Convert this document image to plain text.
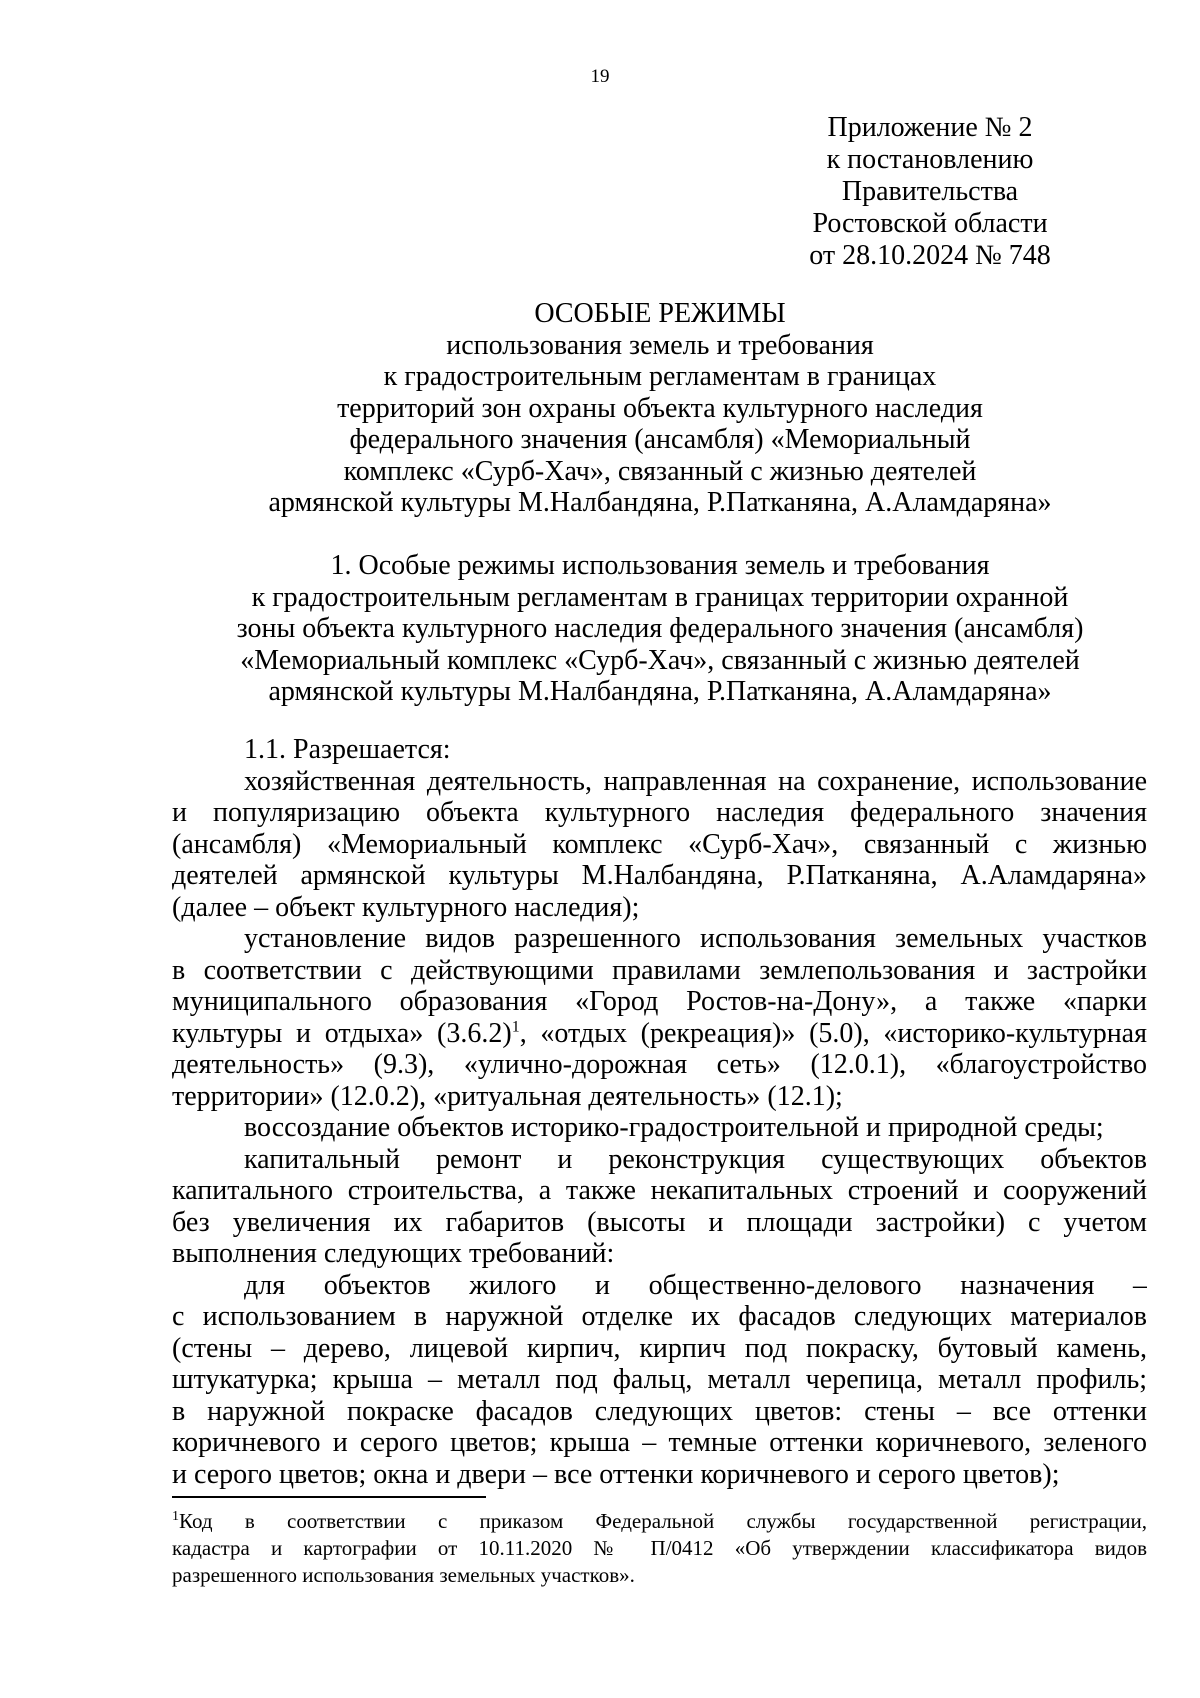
19
Приложение № 2
к постановлению
Правительства
Ростовской области
от 28.10.2024 № 748
ОСОБЫЕ РЕЖИМЫ
использования земель и требования
к градостроительным регламентам в границах
территорий зон охраны объекта культурного наследия
федерального значения (ансамбля) «Мемориальный
комплекс «Сурб-Хач», связанный с жизнью деятелей
армянской культуры М.Налбандяна, Р.Патканяна, А.Аламдаряна»
1. Особые режимы использования земель и требования
к градостроительным регламентам в границах территории охранной
зоны объекта культурного наследия федерального значения (ансамбля)
«Мемориальный комплекс «Сурб-Хач», связанный с жизнью деятелей
армянской культуры М.Налбандяна, Р.Патканяна, А.Аламдаряна»
1.1. Разрешается:
хозяйственная деятельность, направленная на сохранение, использование
и популяризацию объекта культурного наследия федерального значения
(ансамбля) «Мемориальный комплекс «Сурб-Хач», связанный с жизнью
деятелей армянской культуры М.Налбандяна, Р.Патканяна, А.Аламдаряна»
(далее – объект культурного наследия);
установление видов разрешенного использования земельных участков
в соответствии с действующими правилами землепользования и застройки
муниципального образования «Город Ростов-на-Дону», а также «парки
культуры и отдыха» $(3.6.2)^1$, «отдых (рекреация)» (5.0), «историко-культурная
деятельность» (9.3), «улично-дорожная сеть» (12.0.1), «благоустройство
территории» (12.0.2), «ритуальная деятельность» (12.1);
воссоздание объектов историко-градостроительной и природной среды;
капитальный ремонт и реконструкция существующих объектов
капитального строительства, а также некапитальных строений и сооружений
без увеличения их габаритов (высоты и площади застройки) с учетом
выполнения следующих требований:
для объектов жилого и общественно-делового назначения –
с использованием в наружной отделке их фасадов следующих материалов
(стены – дерево, лицевой кирпич, кирпич под покраску, бутовый камень,
штукатурка; крыша – металл под фальц, металл черепица, металл профиль;
в наружной покраске фасадов следующих цветов: стены – все оттенки
коричневого и серого цветов; крыша – темные оттенки коричневого, зеленого
и серого цветов; окна и двери – все оттенки коричневого и серого цветов);
$^1$Код в соответствии с приказом Федеральной службы государственной регистрации,
кадастра и картографии от 10.11.2020 № П/0412 «Об утверждении классификатора видов
разрешенного использования земельных участков».
